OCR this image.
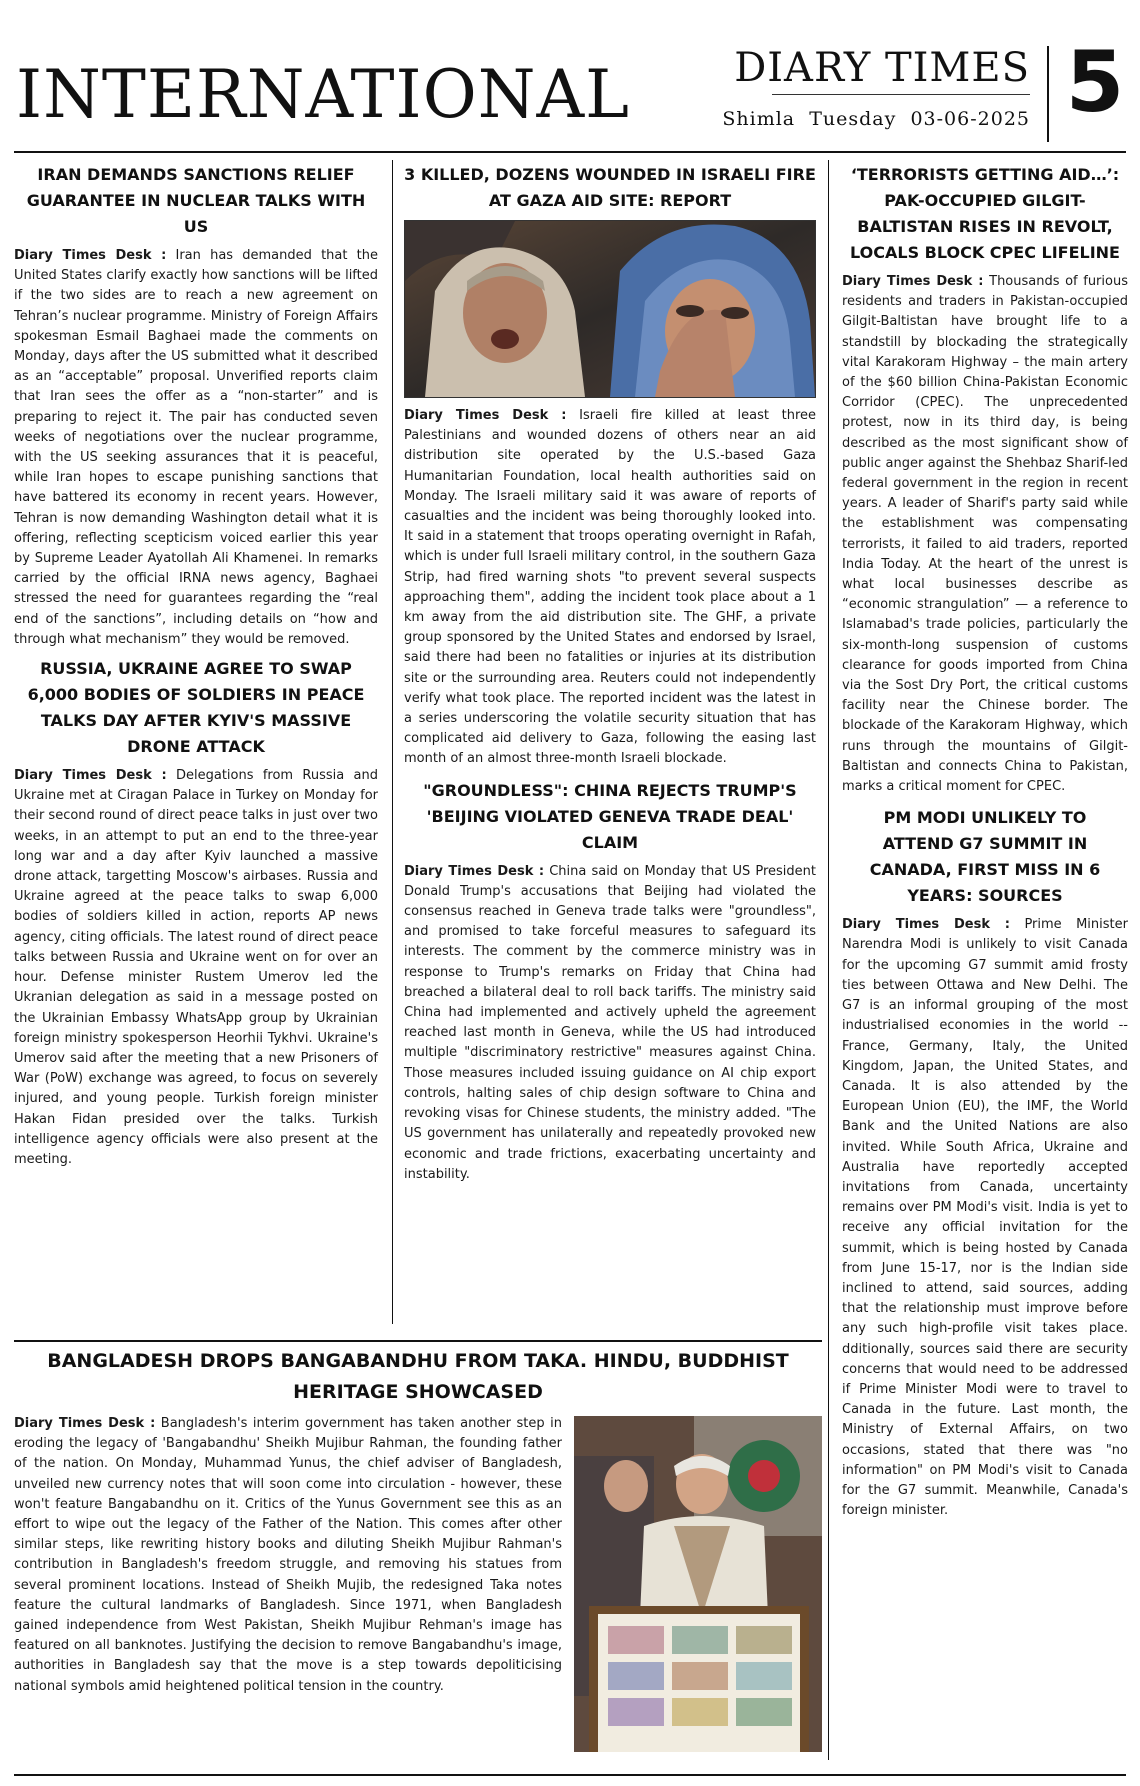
INTERNATIONAL	DIARY TIMES
Shimla Tuesday 03-06-2025 5
IRAN DEMANDS SANCTIONS RELIEF GUARANTEE IN NUCLEAR TALKS WITH US

Diary Times Desk : Iran has demanded that the United States clarify exactly how sanctions will be lifted if the two sides are to reach a new agreement on Tehran’s nuclear programme. Ministry of Foreign Affairs spokesman Esmail Baghaei made the comments on Monday, days after the US submitted what it described as an “acceptable” proposal. Unverified reports claim that Iran sees the offer as a “non-starter” and is preparing to reject it. The pair has conducted seven weeks of negotiations over the nuclear programme, with the US seeking assurances that it is peaceful, while Iran hopes to escape punishing sanctions that have battered its economy in recent years. However, Tehran is now demanding Washington detail what it is offering, reflecting scepticism voiced earlier this year by Supreme Leader Ayatollah Ali Khamenei. In remarks carried by the official IRNA news agency, Baghaei stressed the need for guarantees regarding the “real end of the sanctions”, including details on “how and through what mechanism” they would be removed.

RUSSIA, UKRAINE AGREE TO SWAP 6,000 BODIES OF SOLDIERS IN PEACE TALKS DAY AFTER KYIV'S MASSIVE DRONE ATTACK

Diary Times Desk : Delegations from Russia and Ukraine met at Ciragan Palace in Turkey on Monday for their second round of direct peace talks in just over two weeks, in an attempt to put an end to the three-year long war and a day after Kyiv launched a massive drone attack, targetting Moscow's airbases. Russia and Ukraine agreed at the peace talks to swap 6,000 bodies of soldiers killed in action, reports AP news agency, citing officials. The latest round of direct peace talks between Russia and Ukraine went on for over an hour. Defense minister Rustem Umerov led the Ukranian delegation as said in a message posted on the Ukrainian Embassy WhatsApp group by Ukrainian foreign ministry spokesperson Heorhii Tykhvi. Ukraine's Umerov said after the meeting that a new Prisoners of War (PoW) exchange was agreed, to focus on severely injured, and young people. Turkish foreign minister Hakan Fidan presided over the talks. Turkish intelligence agency officials were also present at the meeting.

3 KILLED, DOZENS WOUNDED IN ISRAELI FIRE AT GAZA AID SITE: REPORT

Diary Times Desk : Israeli fire killed at least three Palestinians and wounded dozens of others near an aid distribution site operated by the U.S.-based Gaza Humanitarian Foundation, local health authorities said on Monday. The Israeli military said it was aware of reports of casualties and the incident was being thoroughly looked into. It said in a statement that troops operating overnight in Rafah, which is under full Israeli military control, in the southern Gaza Strip, had fired warning shots "to prevent several suspects approaching them", adding the incident took place about a 1 km away from the aid distribution site. The GHF, a private group sponsored by the United States and endorsed by Israel, said there had been no fatalities or injuries at its distribution site or the surrounding area. Reuters could not independently verify what took place. The reported incident was the latest in a series underscoring the volatile security situation that has complicated aid delivery to Gaza, following the easing last month of an almost three-month Israeli blockade.

"GROUNDLESS": CHINA REJECTS TRUMP'S 'BEIJING VIOLATED GENEVA TRADE DEAL' CLAIM

Diary Times Desk : China said on Monday that US President Donald Trump's accusations that Beijing had violated the consensus reached in Geneva trade talks were "groundless", and promised to take forceful measures to safeguard its interests. The comment by the commerce ministry was in response to Trump's remarks on Friday that China had breached a bilateral deal to roll back tariffs. The ministry said China had implemented and actively upheld the agreement reached last month in Geneva, while the US had introduced multiple "discriminatory restrictive" measures against China. Those measures included issuing guidance on AI chip export controls, halting sales of chip design software to China and revoking visas for Chinese students, the ministry added. "The US government has unilaterally and repeatedly provoked new economic and trade frictions, exacerbating uncertainty and instability.

‘TERRORISTS GETTING AID…’: PAK-OCCUPIED GILGIT-BALTISTAN RISES IN REVOLT, LOCALS BLOCK CPEC LIFELINE

Diary Times Desk : Thousands of furious residents and traders in Pakistan-occupied Gilgit-Baltistan have brought life to a standstill by blockading the strategically vital Karakoram Highway – the main artery of the $60 billion China-Pakistan Economic Corridor (CPEC). The unprecedented protest, now in its third day, is being described as the most significant show of public anger against the Shehbaz Sharif-led federal government in the region in recent years. A leader of Sharif's party said while the establishment was compensating terrorists, it failed to aid traders, reported India Today. At the heart of the unrest is what local businesses describe as “economic strangulation” — a reference to Islamabad's trade policies, particularly the six-month-long suspension of customs clearance for goods imported from China via the Sost Dry Port, the critical customs facility near the Chinese border. The blockade of the Karakoram Highway, which runs through the mountains of Gilgit-Baltistan and connects China to Pakistan, marks a critical moment for CPEC.

PM MODI UNLIKELY TO ATTEND G7 SUMMIT IN CANADA, FIRST MISS IN 6 YEARS: SOURCES

Diary Times Desk : Prime Minister Narendra Modi is unlikely to visit Canada for the upcoming G7 summit amid frosty ties between Ottawa and New Delhi. The G7 is an informal grouping of the most industrialised economies in the world -- France, Germany, Italy, the United Kingdom, Japan, the United States, and Canada. It is also attended by the European Union (EU), the IMF, the World Bank and the United Nations are also invited. While South Africa, Ukraine and Australia have reportedly accepted invitations from Canada, uncertainty remains over PM Modi's visit. India is yet to receive any official invitation for the summit, which is being hosted by Canada from June 15-17, nor is the Indian side inclined to attend, said sources, adding that the relationship must improve before any such high-profile visit takes place. dditionally, sources said there are security concerns that would need to be addressed if Prime Minister Modi were to travel to Canada in the future. Last month, the Ministry of External Affairs, on two occasions, stated that there was "no information" on PM Modi's visit to Canada for the G7 summit. Meanwhile, Canada's foreign minister.

BANGLADESH DROPS BANGABANDHU FROM TAKA. HINDU, BUDDHIST HERITAGE SHOWCASED

Diary Times Desk : Bangladesh's interim government has taken another step in eroding the legacy of 'Bangabandhu' Sheikh Mujibur Rahman, the founding father of the nation. On Monday, Muhammad Yunus, the chief adviser of Bangladesh, unveiled new currency notes that will soon come into circulation - however, these won't feature Bangabandhu on it. Critics of the Yunus Government see this as an effort to wipe out the legacy of the Father of the Nation. This comes after other similar steps, like rewriting history books and diluting Sheikh Mujibur Rahman's contribution in Bangladesh's freedom struggle, and removing his statues from several prominent locations. Instead of Sheikh Mujib, the redesigned Taka notes feature the cultural landmarks of Bangladesh. Since 1971, when Bangladesh gained independence from West Pakistan, Sheikh Mujibur Rehman's image has featured on all banknotes. Justifying the decision to remove Bangabandhu's image, authorities in Bangladesh say that the move is a step towards depoliticising national symbols amid heightened political tension in the country.
